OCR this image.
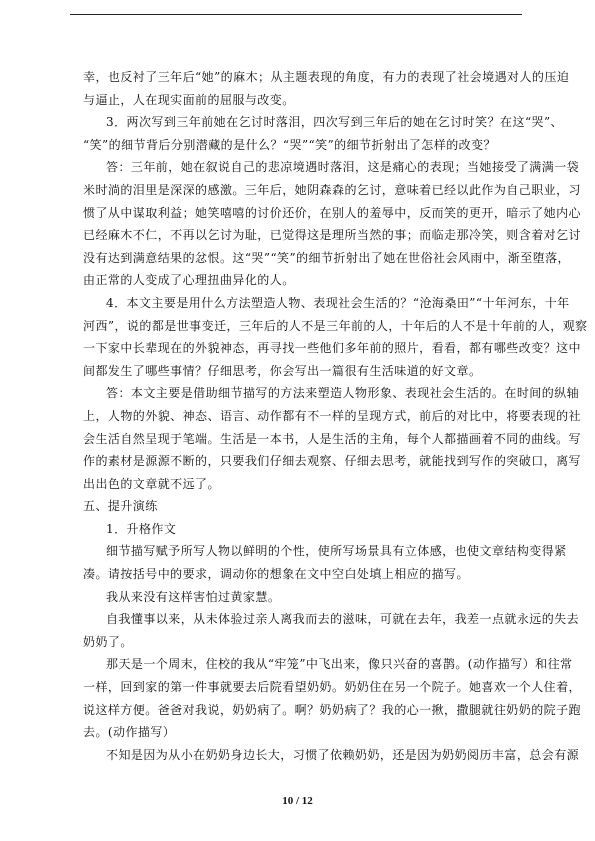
幸，也反衬了三年后“她”的麻木；从主题表现的角度，有力的表现了社会境遇对人的压迫
与逼止，人在现实面前的屈服与改变。
3．两次写到三年前她在乞讨时落泪，四次写到三年后的她在乞讨时笑？在这“哭”、
“笑”的细节背后分别潜藏的是什么？“哭”“笑”的细节折射出了怎样的改变？
答：三年前，她在叙说自己的悲凉境遇时落泪，这是痛心的表现；当她接受了满满一袋
米时淌的泪里是深深的感激。三年后，她阴森森的乞讨，意味着已经以此作为自己职业，习
惯了从中谋取利益；她笑嘻嘻的讨价还价，在别人的羞辱中，反而笑的更开，暗示了她内心
已经麻木不仁，不再以乞讨为耻，已觉得这是理所当然的事；而临走那冷笑，则含着对乞讨
没有达到满意结果的忿恨。这“哭”“笑”的细节折射出了她在世俗社会风雨中，渐至堕落，
由正常的人变成了心理扭曲异化的人。
4．本文主要是用什么方法塑造人物、表现社会生活的？“沧海桑田”“十年河东，十年
河西”，说的都是世事变迁，三年后的人不是三年前的人，十年后的人不是十年前的人，观察
一下家中长辈现在的外貌神态，再寻找一些他们多年前的照片，看看，都有哪些改变？这中
间都发生了哪些事情？仔细思考，你会写出一篇很有生活味道的好文章。
答：本文主要是借助细节描写的方法来塑造人物形象、表现社会生活的。在时间的纵轴
上，人物的外貌、神态、语言、动作都有不一样的呈现方式，前后的对比中，将要表现的社
会生活自然呈现于笔端。生活是一本书，人是生活的主角，每个人都描画着不同的曲线。写
作的素材是源源不断的，只要我们仔细去观察、仔细去思考，就能找到写作的突破口，离写
出出色的文章就不远了。
五、提升演练
1．升格作文
细节描写赋予所写人物以鲜明的个性，使所写场景具有立体感，也使文章结构变得紧
凑。请按括号中的要求，调动你的想象在文中空白处填上相应的描写。
我从来没有这样害怕过黄家慧。
自我懂事以来，从未体验过亲人离我而去的滋味，可就在去年，我差一点就永远的失去
奶奶了。
那天是一个周末，住校的我从“牢笼”中飞出来，像只兴奋的喜鹊。(动作描写）和往常
一样，回到家的第一件事就要去后院看望奶奶。奶奶住在另一个院子。她喜欢一个人住着，
说这样方便。爸爸对我说，奶奶病了。啊？奶奶病了？我的心一揪，撒腿就往奶奶的院子跑
去。(动作描写）
不知是因为从小在奶奶身边长大，习惯了依赖奶奶，还是因为奶奶阅历丰富，总会有源
10 / 12
